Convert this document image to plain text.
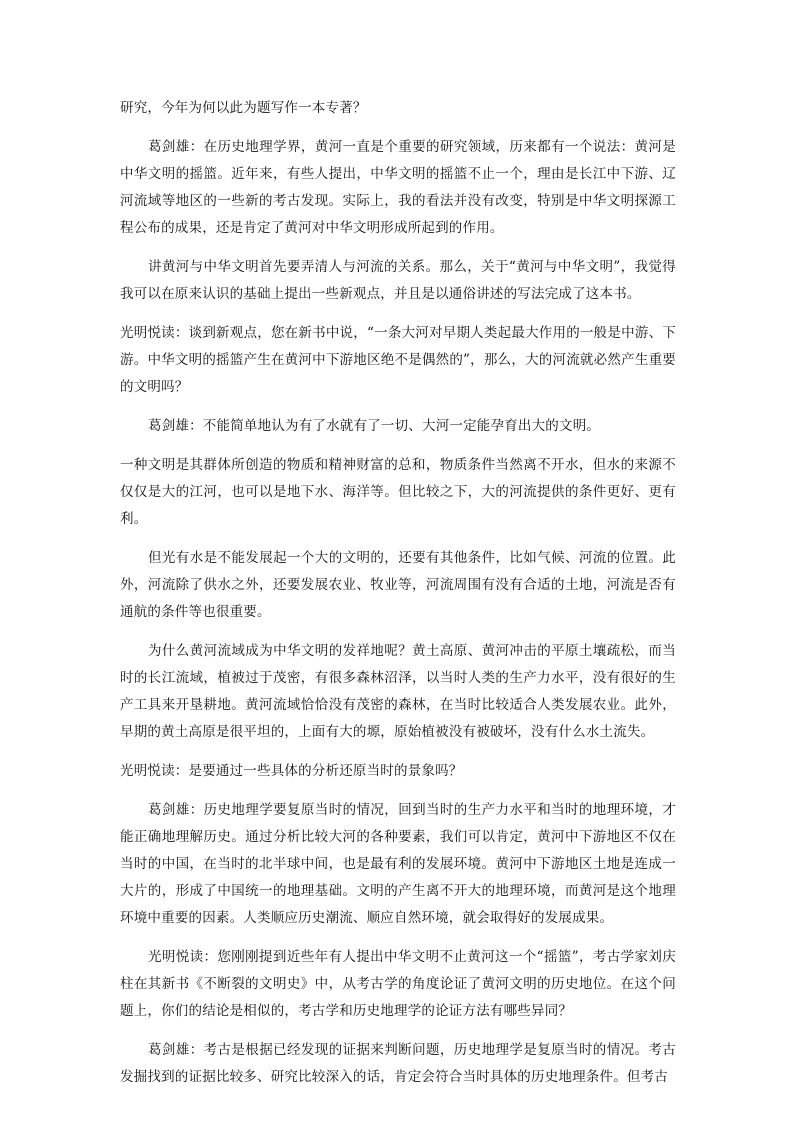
研究，今年为何以此为题写作一本专著？

葛剑雄：在历史地理学界，黄河一直是个重要的研究领域，历来都有一个说法：黄河是中华文明的摇篮。近年来，有些人提出，中华文明的摇篮不止一个，理由是长江中下游、辽河流域等地区的一些新的考古发现。实际上，我的看法并没有改变，特别是中华文明探源工程公布的成果，还是肯定了黄河对中华文明形成所起到的作用。

讲黄河与中华文明首先要弄清人与河流的关系。那么，关于“黄河与中华文明”，我觉得我可以在原来认识的基础上提出一些新观点，并且是以通俗讲述的写法完成了这本书。

光明悦读：谈到新观点，您在新书中说，“一条大河对早期人类起最大作用的一般是中游、下游。中华文明的摇篮产生在黄河中下游地区绝不是偶然的”，那么，大的河流就必然产生重要的文明吗？

葛剑雄：不能简单地认为有了水就有了一切、大河一定能孕育出大的文明。

一种文明是其群体所创造的物质和精神财富的总和，物质条件当然离不开水，但水的来源不仅仅是大的江河，也可以是地下水、海洋等。但比较之下，大的河流提供的条件更好、更有利。

但光有水是不能发展起一个大的文明的，还要有其他条件，比如气候、河流的位置。此外，河流除了供水之外，还要发展农业、牧业等，河流周围有没有合适的土地，河流是否有通航的条件等也很重要。

为什么黄河流域成为中华文明的发祥地呢？黄土高原、黄河冲击的平原土壤疏松，而当时的长江流域，植被过于茂密，有很多森林沼泽，以当时人类的生产力水平，没有很好的生产工具来开垦耕地。黄河流域恰恰没有茂密的森林，在当时比较适合人类发展农业。此外，早期的黄土高原是很平坦的，上面有大的塬，原始植被没有被破坏，没有什么水土流失。

光明悦读：是要通过一些具体的分析还原当时的景象吗？

葛剑雄：历史地理学要复原当时的情况，回到当时的生产力水平和当时的地理环境，才能正确地理解历史。通过分析比较大河的各种要素，我们可以肯定，黄河中下游地区不仅在当时的中国，在当时的北半球中间，也是最有利的发展环境。黄河中下游地区土地是连成一大片的，形成了中国统一的地理基础。文明的产生离不开大的地理环境，而黄河是这个地理环境中重要的因素。人类顺应历史潮流、顺应自然环境，就会取得好的发展成果。

光明悦读：您刚刚提到近些年有人提出中华文明不止黄河这一个“摇篮”，考古学家刘庆柱在其新书《不断裂的文明史》中，从考古学的角度论证了黄河文明的历史地位。在这个问题上，你们的结论是相似的，考古学和历史地理学的论证方法有哪些异同？

葛剑雄：考古是根据已经发现的证据来判断问题，历史地理学是复原当时的情况。考古发掘找到的证据比较多、研究比较深入的话，肯定会符合当时具体的历史地理条件。但考古
